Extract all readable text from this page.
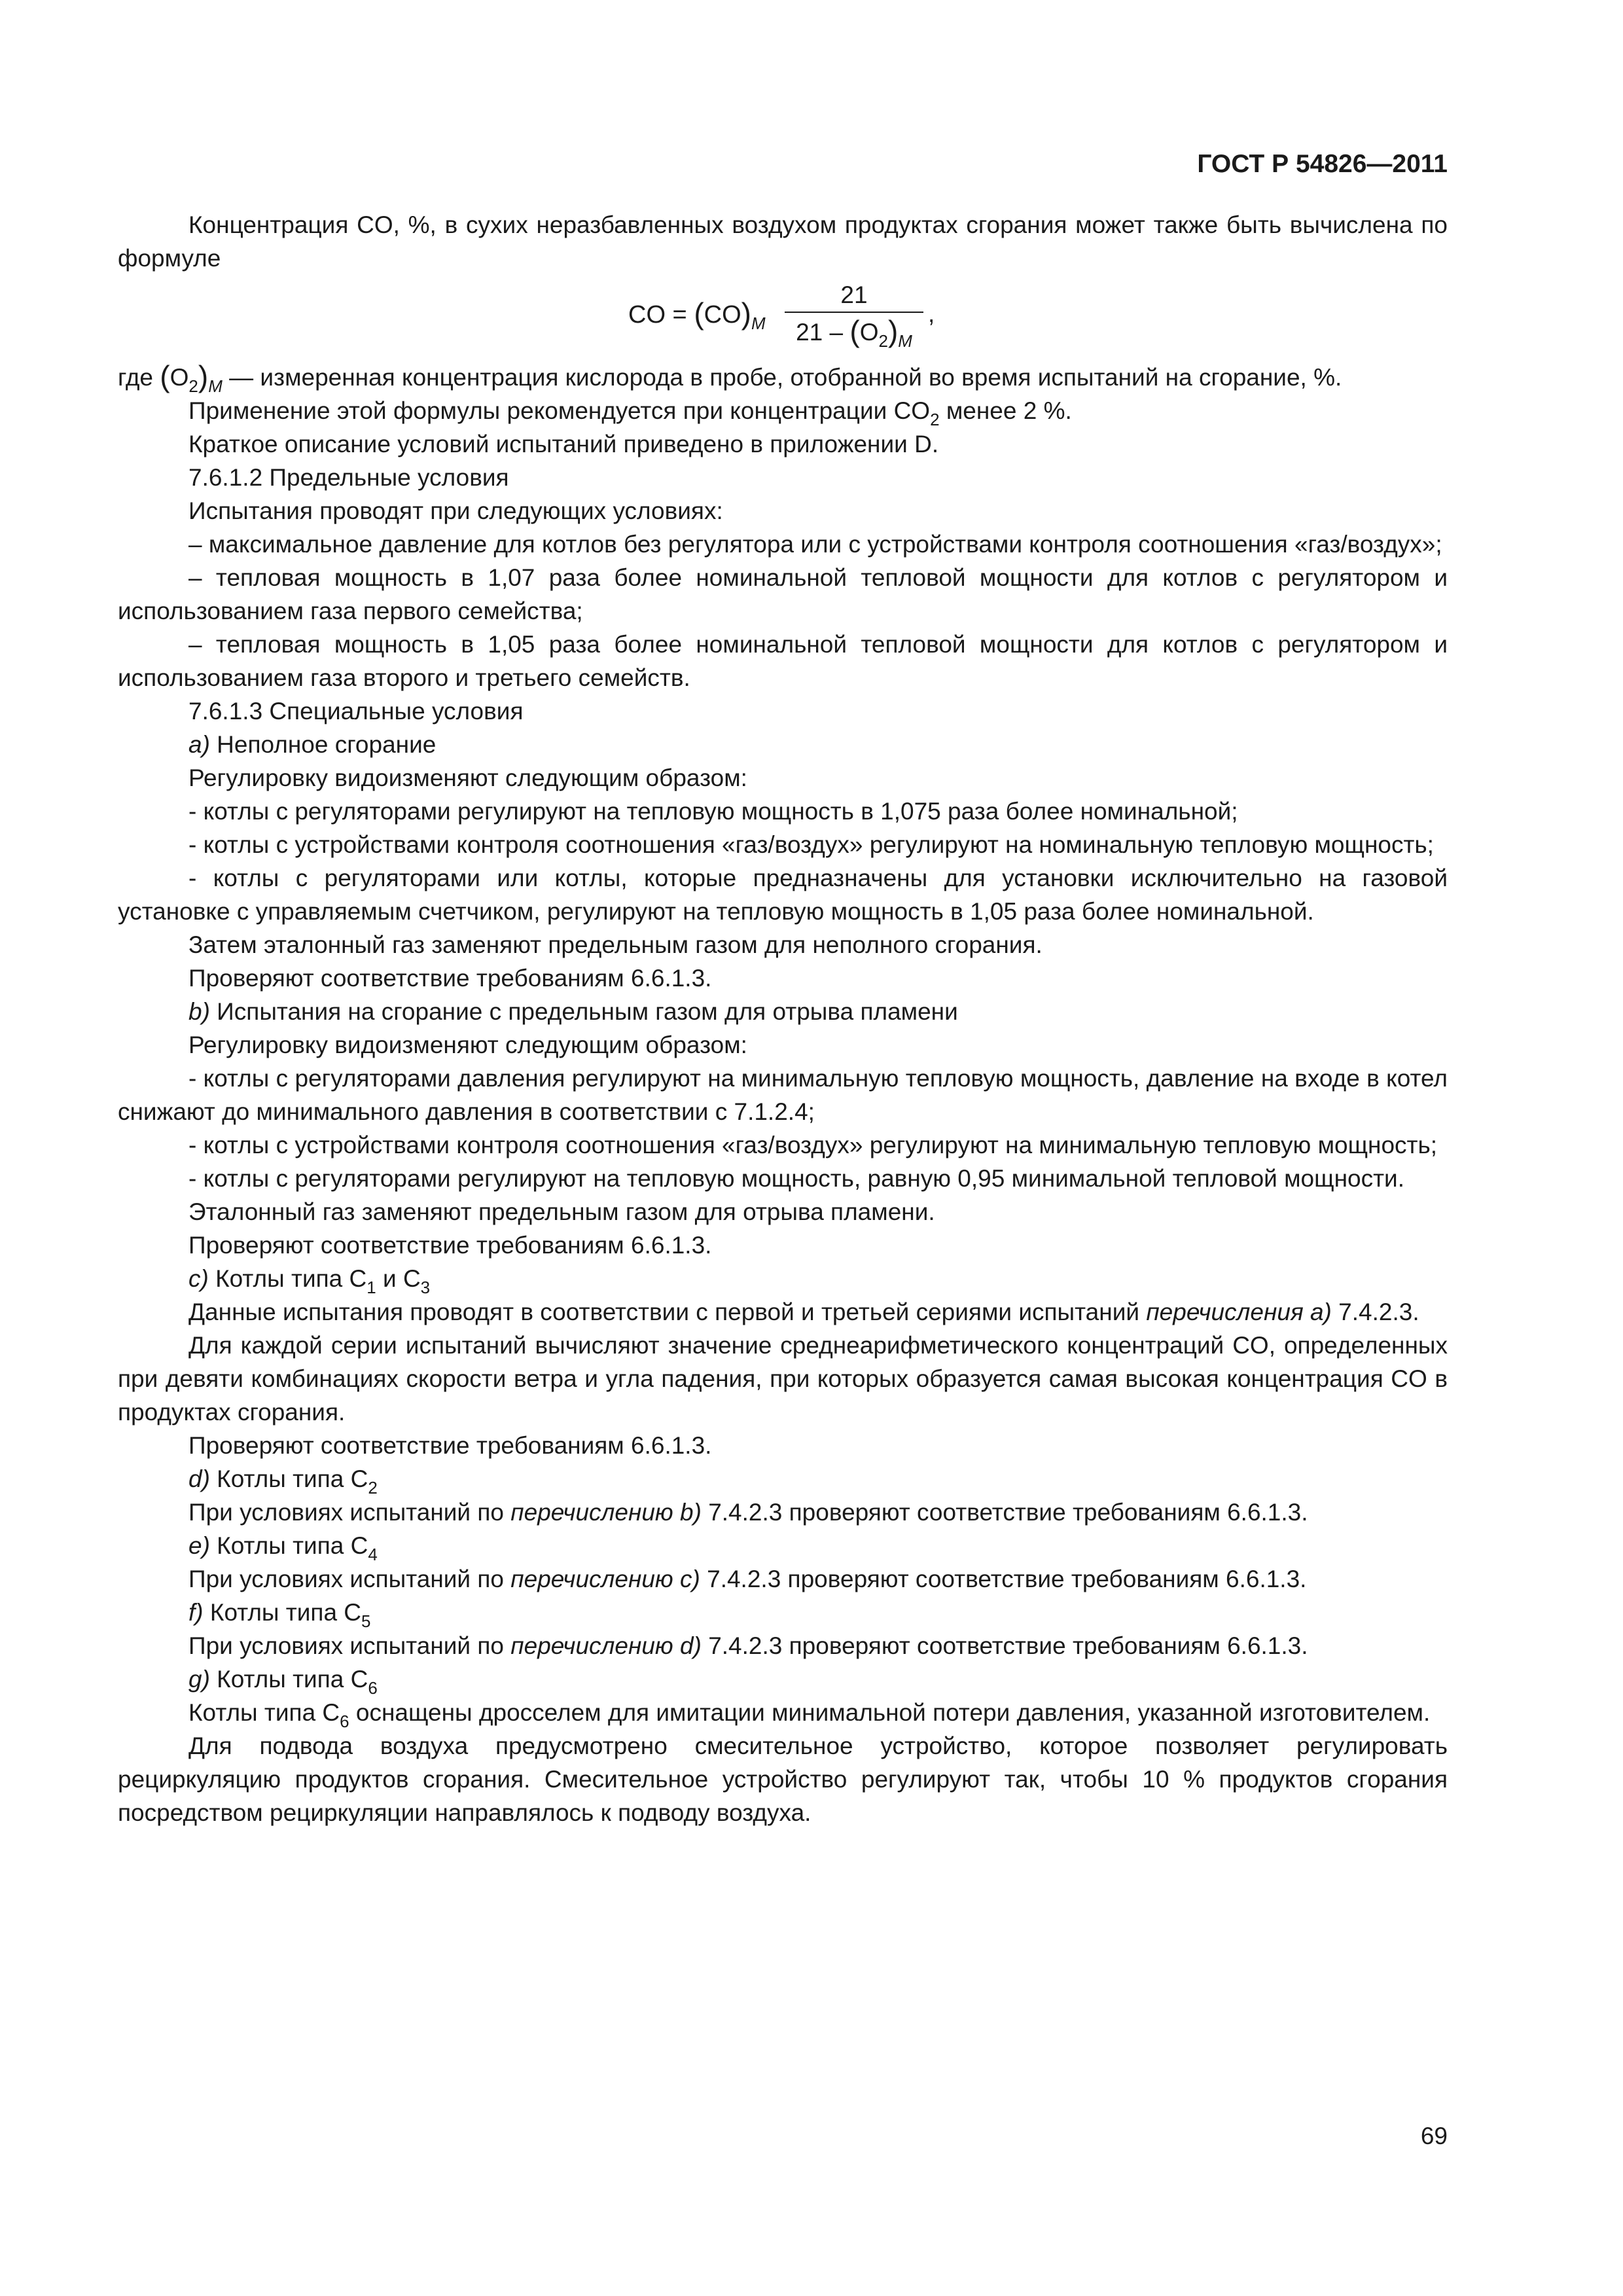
ГОСТ Р 54826—2011

Концентрация CO, %, в сухих неразбавленных воздухом продуктах сгорания может также быть вычислена по формуле

CO = $(CO)_M$
21
$21 - (O_2)_M$
,

где $(O_2)_M$ — измеренная концентрация кислорода в пробе, отобранной во время испытаний на сгорание, %.

Применение этой формулы рекомендуется при концентрации $CO_2$ менее 2 %.

Краткое описание условий испытаний приведено в приложении D.

7.6.1.2 Предельные условия

Испытания проводят при следующих условиях:

– максимальное давление для котлов без регулятора или с устройствами контроля соотношения «газ/воздух»;

– тепловая мощность в 1,07 раза более номинальной тепловой мощности для котлов с регулятором и использованием газа первого семейства;

– тепловая мощность в 1,05 раза более номинальной тепловой мощности для котлов с регулятором и использованием газа второго и третьего семейств.

7.6.1.3 Специальные условия

а) Неполное сгорание

Регулировку видоизменяют следующим образом:

- котлы с регуляторами регулируют на тепловую мощность в 1,075 раза более номинальной;

- котлы с устройствами контроля соотношения «газ/воздух» регулируют на номинальную тепловую мощность;

- котлы с регуляторами или котлы, которые предназначены для установки исключительно на газовой установке с управляемым счетчиком, регулируют на тепловую мощность в 1,05 раза более номинальной.

Затем эталонный газ заменяют предельным газом для неполного сгорания.

Проверяют соответствие требованиям 6.6.1.3.

b) Испытания на сгорание с предельным газом для отрыва пламени

Регулировку видоизменяют следующим образом:

- котлы с регуляторами давления регулируют на минимальную тепловую мощность, давление на входе в котел снижают до минимального давления в соответствии с 7.1.2.4;

- котлы с устройствами контроля соотношения «газ/воздух» регулируют на минимальную тепловую мощность;

- котлы с регуляторами регулируют на тепловую мощность, равную 0,95 минимальной тепловой мощности.

Эталонный газ заменяют предельным газом для отрыва пламени.

Проверяют соответствие требованиям 6.6.1.3.

c) Котлы типа $C_1$ и $C_3$

Данные испытания проводят в соответствии с первой и третьей сериями испытаний перечисления а) 7.4.2.3.

Для каждой серии испытаний вычисляют значение среднеарифметического концентраций CO, определенных при девяти комбинациях скорости ветра и угла падения, при которых образуется самая высокая концентрация CO в продуктах сгорания.

Проверяют соответствие требованиям 6.6.1.3.

d) Котлы типа $C_2$

При условиях испытаний по перечислению b) 7.4.2.3 проверяют соответствие требованиям 6.6.1.3.

е) Котлы типа $C_4$

При условиях испытаний по перечислению с) 7.4.2.3 проверяют соответствие требованиям 6.6.1.3.

f) Котлы типа $C_5$

При условиях испытаний по перечислению d) 7.4.2.3 проверяют соответствие требованиям 6.6.1.3.

g) Котлы типа $C_6$

Котлы типа $C_6$ оснащены дросселем для имитации минимальной потери давления, указанной изготовителем.

Для подвода воздуха предусмотрено смесительное устройство, которое позволяет регулировать рециркуляцию продуктов сгорания. Смесительное устройство регулируют так, чтобы 10 % продуктов сгорания посредством рециркуляции направлялось к подводу воздуха.

69
